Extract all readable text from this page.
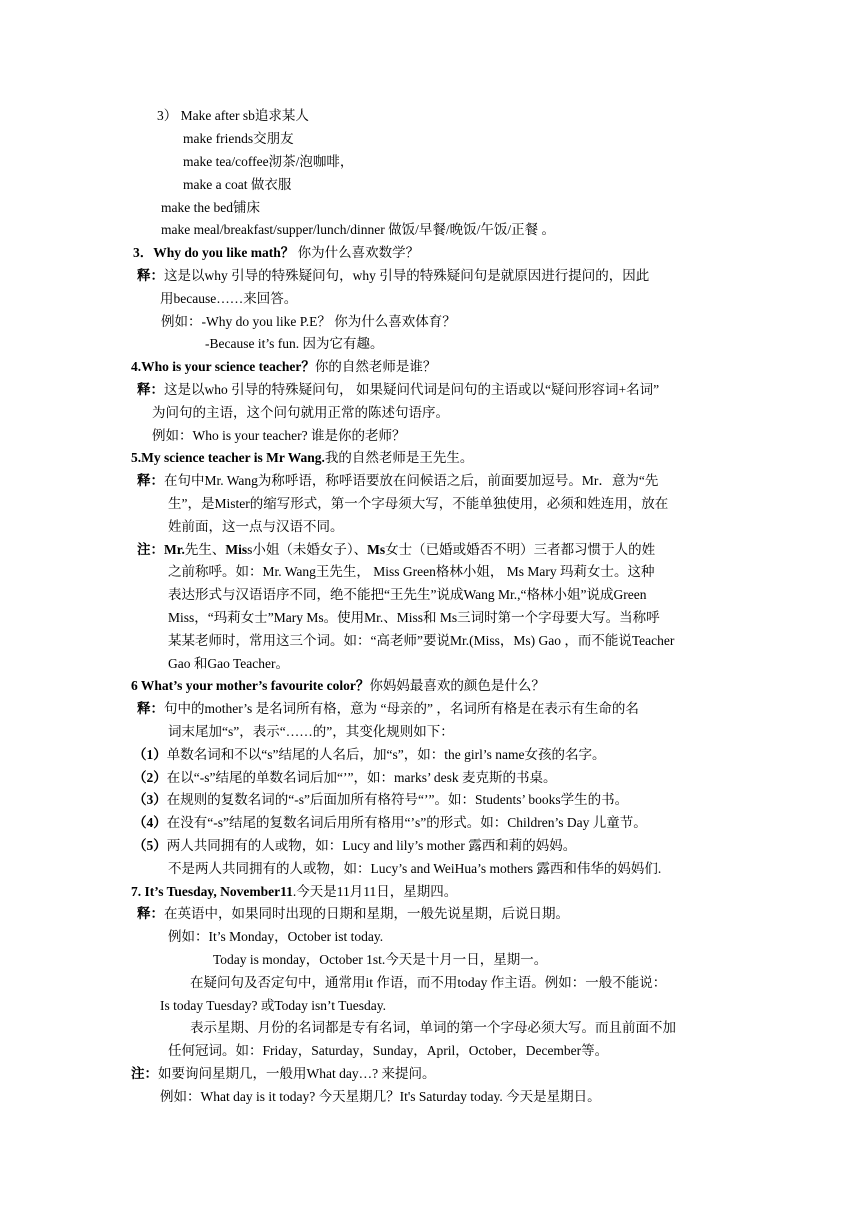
3） Make after sb追求某人
make friends交朋友
make tea/coffee沏茶/泡咖啡，
make a coat 做衣服
make the bed铺床
make meal/breakfast/supper/lunch/dinner 做饭/早餐/晚饭/午饭/正餐 。
3．Why do you like math？ 你为什么喜欢数学？
释：这是以why 引导的特殊疑问句，why 引导的特殊疑问句是就原因进行提问的，因此
用because……来回答。
例如：-Why do you like P.E？ 你为什么喜欢体育？
-Because it’s fun. 因为它有趣。
4.Who is your science teacher？你的自然老师是谁？
释：这是以who 引导的特殊疑问句， 如果疑问代词是问句的主语或以“疑问形容词+名词”
为问句的主语，这个问句就用正常的陈述句语序。
例如：Who is your teacher? 谁是你的老师？
5.My science teacher is Mr Wang.我的自然老师是王先生。
释：在句中Mr. Wang为称呼语，称呼语要放在问候语之后，前面要加逗号。Mr．意为“先
生”，是Mister的缩写形式，第一个字母须大写，不能单独使用，必须和姓连用，放在
姓前面，这一点与汉语不同。
注：Mr.先生、Miss小姐（未婚女子）、Ms女士（已婚或婚否不明）三者都习惯于人的姓
之前称呼。如：Mr. Wang王先生， Miss Green格林小姐， Ms Mary 玛莉女士。这种
表达形式与汉语语序不同，绝不能把“王先生”说成Wang Mr.,“格林小姐”说成Green
Miss，“玛莉女士”Mary Ms。使用Mr.、Miss和 Ms三词时第一个字母要大写。当称呼
某某老师时，常用这三个词。如：“高老师”要说Mr.(Miss，Ms) Gao ，而不能说Teacher
Gao 和Gao Teacher。
6 What’s your mother’s favourite color？你妈妈最喜欢的颜色是什么？
释：句中的mother’s 是名词所有格，意为 “母亲的” ，名词所有格是在表示有生命的名
词末尾加“s”，表示“……的”，其变化规则如下：
（1）单数名词和不以“s”结尾的人名后，加“s”，如：the girl’s name女孩的名字。
（2）在以“-s”结尾的单数名词后加“’”，如：marks’ desk 麦克斯的书桌。
（3）在规则的复数名词的“-s”后面加所有格符号“’”。如：Students’ books学生的书。
（4）在没有“-s”结尾的复数名词后用所有格用“’s”的形式。如：Children’s Day 儿童节。
（5）两人共同拥有的人或物，如：Lucy and lily’s mother 露西和莉的妈妈。
不是两人共同拥有的人或物，如：Lucy’s and WeiHua’s mothers 露西和伟华的妈妈们.
7. It’s Tuesday, November11.今天是11月11日，星期四。
释：在英语中，如果同时出现的日期和星期，一般先说星期，后说日期。
例如：It’s Monday，October ist today.
Today is monday，October 1st.今天是十月一日，星期一。
在疑问句及否定句中，通常用it 作语，而不用today 作主语。例如：一般不能说：
Is today Tuesday? 或Today isn’t Tuesday.
表示星期、月份的名词都是专有名词，单词的第一个字母必须大写。而且前面不加
任何冠词。如：Friday，Saturday，Sunday，April，October，December等。
注：如要询问星期几，一般用What day…? 来提问。
例如：What day is it today? 今天星期几？It's Saturday today. 今天是星期日。
